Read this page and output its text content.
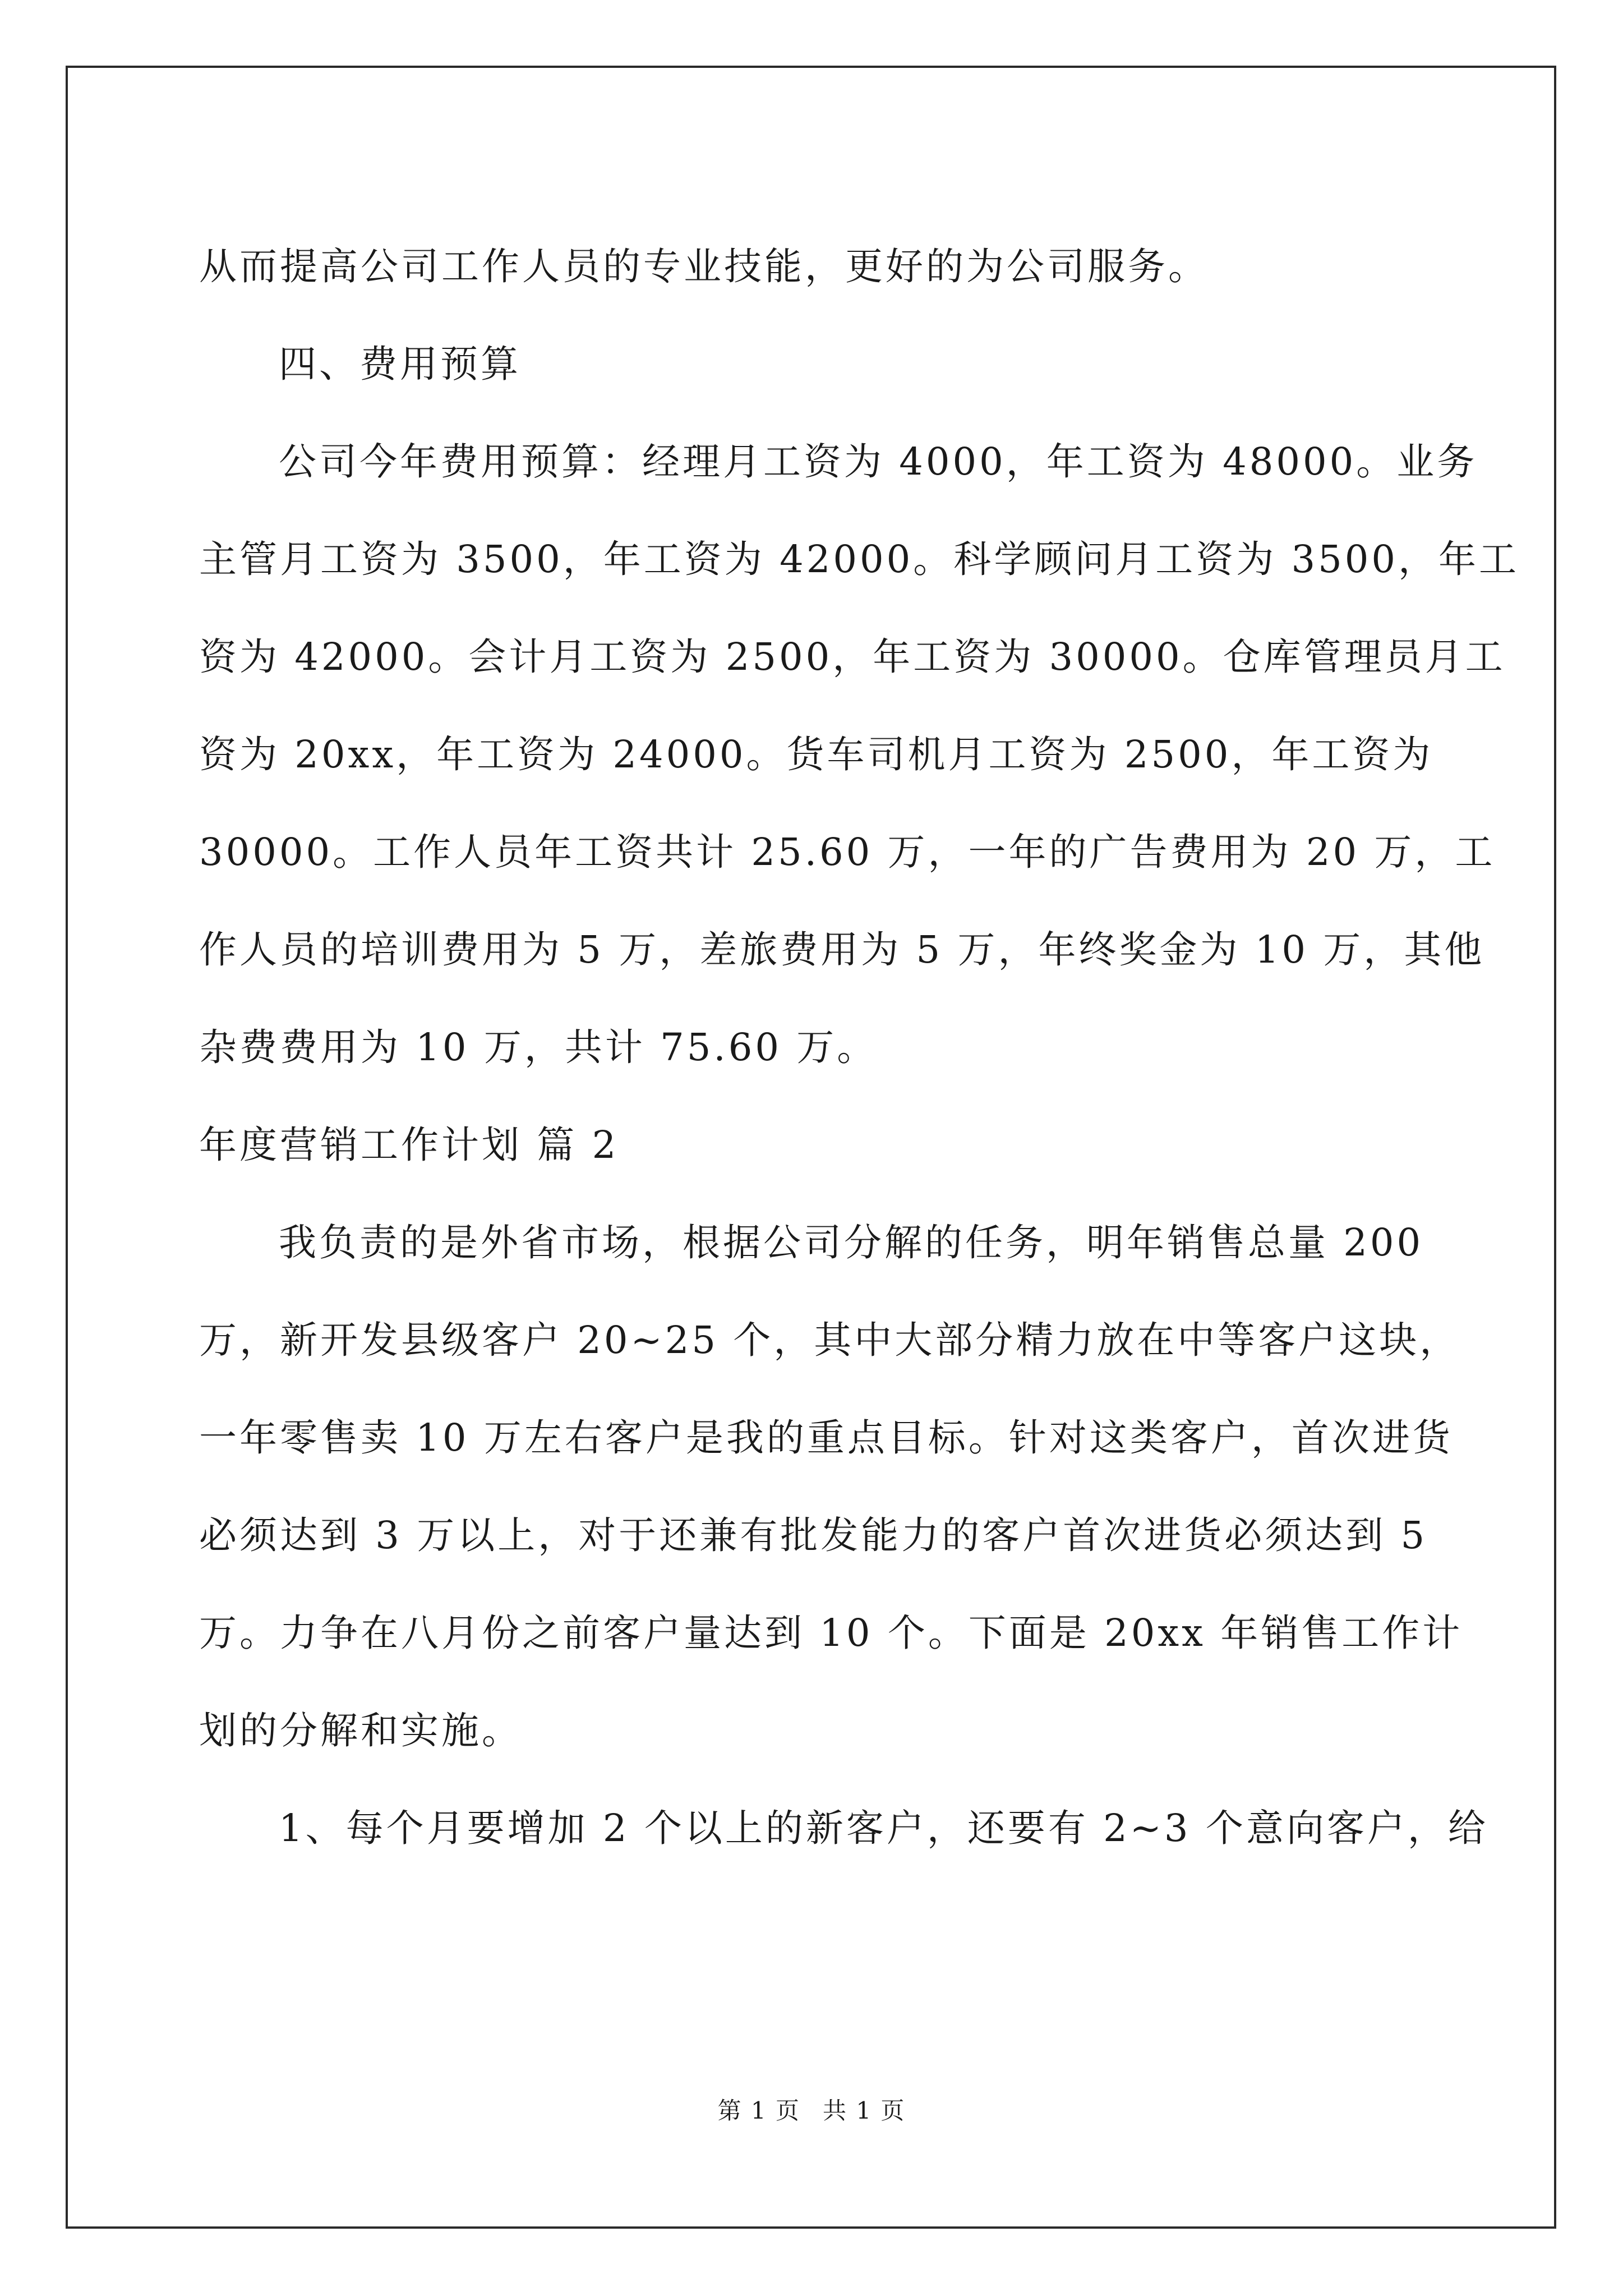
从而提高公司工作人员的专业技能，更好的为公司服务。
四、费用预算
公司今年费用预算：经理月工资为 4000，年工资为 48000。业务
主管月工资为 3500，年工资为 42000。科学顾问月工资为 3500，年工
资为 42000。会计月工资为 2500，年工资为 30000。仓库管理员月工
资为 20xx，年工资为 24000。货车司机月工资为 2500，年工资为
30000。工作人员年工资共计 25.60 万，一年的广告费用为 20 万，工
作人员的培训费用为 5 万，差旅费用为 5 万，年终奖金为 10 万，其他
杂费费用为 10 万，共计 75.60 万。
年度营销工作计划 篇 2
我负责的是外省市场，根据公司分解的任务，明年销售总量 200
万，新开发县级客户 20~25 个，其中大部分精力放在中等客户这块，
一年零售卖 10 万左右客户是我的重点目标。针对这类客户，首次进货
必须达到 3 万以上，对于还兼有批发能力的客户首次进货必须达到 5
万。力争在八月份之前客户量达到 10 个。下面是 20xx 年销售工作计
划的分解和实施。
1、每个月要增加 2 个以上的新客户，还要有 2~3 个意向客户，给
第 1 页 共 1 页
